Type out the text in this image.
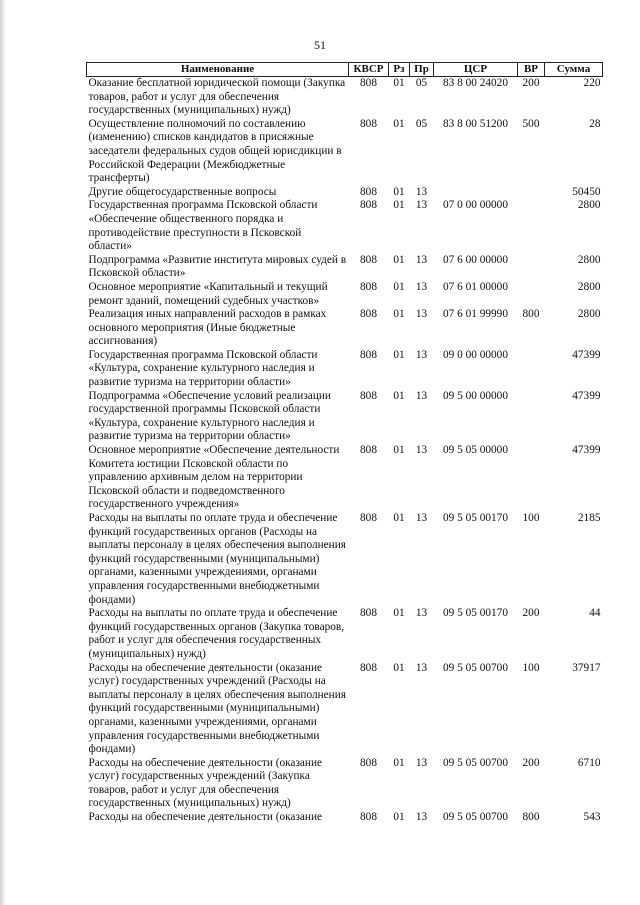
51
Наименование	КВСР	Рз	Пр	ЦСР	ВР	Сумма
Оказание бесплатной юридической помощи (Закупка товаров, работ и услуг для обеспечения государственных (муниципальных) нужд)	808	01	05	83 8 00 24020	200	220
Осуществление полномочий по составлению (изменению) списков кандидатов в присяжные заседатели федеральных судов общей юрисдикции в Российской Федерации (Межбюджетные трансферты)	808	01	05	83 8 00 51200	500	28
Другие общегосударственные вопросы	808	01	13			50450
Государственная программа Псковской области «Обеспечение общественного порядка и противодействие преступности в Псковской области»	808	01	13	07 0 00 00000		2800
Подпрограмма «Развитие института мировых судей в Псковской области»	808	01	13	07 6 00 00000		2800
Основное мероприятие «Капитальный и текущий ремонт зданий, помещений судебных участков»	808	01	13	07 6 01 00000		2800
Реализация иных направлений расходов в рамках основного мероприятия (Иные бюджетные ассигнования)	808	01	13	07 6 01 99990	800	2800
Государственная программа Псковской области «Культура, сохранение культурного наследия и развитие туризма на территории области»	808	01	13	09 0 00 00000		47399
Подпрограмма «Обеспечение условий реализации государственной программы Псковской области «Культура, сохранение культурного наследия и развитие туризма на территории области»	808	01	13	09 5 00 00000		47399
Основное мероприятие «Обеспечение деятельности Комитета юстиции Псковской области по управлению архивным делом на территории Псковской области и подведомственного государственного учреждения»	808	01	13	09 5 05 00000		47399
Расходы на выплаты по оплате труда и обеспечение функций государственных органов (Расходы на выплаты персоналу в целях обеспечения выполнения функций государственными (муниципальными) органами, казенными учреждениями, органами управления государственными внебюджетными фондами)	808	01	13	09 5 05 00170	100	2185
Расходы на выплаты по оплате труда и обеспечение функций государственных органов (Закупка товаров, работ и услуг для обеспечения государственных (муниципальных) нужд)	808	01	13	09 5 05 00170	200	44
Расходы на обеспечение деятельности (оказание услуг) государственных учреждений (Расходы на выплаты персоналу в целях обеспечения выполнения функций государственными (муниципальными) органами, казенными учреждениями, органами управления государственными внебюджетными фондами)	808	01	13	09 5 05 00700	100	37917
Расходы на обеспечение деятельности (оказание услуг) государственных учреждений (Закупка товаров, работ и услуг для обеспечения государственных (муниципальных) нужд)	808	01	13	09 5 05 00700	200	6710
Расходы на обеспечение деятельности (оказание	808	01	13	09 5 05 00700	800	543
